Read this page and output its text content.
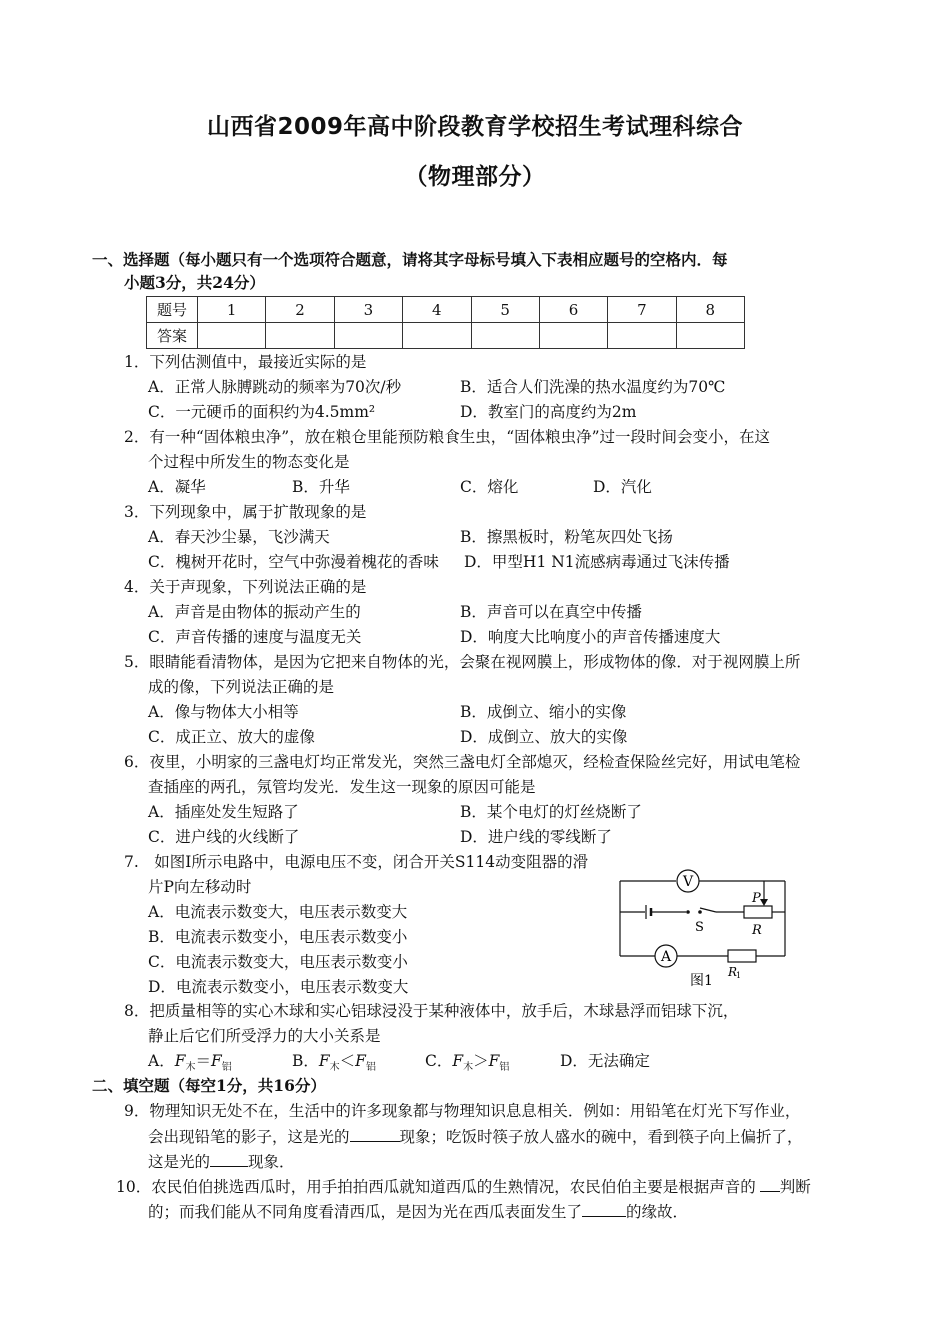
山西省2009年高中阶段教育学校招生考试理科综合
（物理部分）
一、选择题（每小题只有一个选项符合题意，请将其字母标号填入下表相应题号的空格内．每
小题3分，共24分）
题号	1	2	3	4	5	6	7	8
答案								
1．下列估测值中，最接近实际的是
A．正常人脉膊跳动的频率为70次/秒	B．适合人们洗澡的热水温度约为70℃
C．一元硬币的面积约为4.5mm²	D．教室门的高度约为2m
2．有一种“固体粮虫净”，放在粮仓里能预防粮食生虫，“固体粮虫净”过一段时间会变小，在这
个过程中所发生的物态变化是
A．凝华	B．升华	C．熔化	D．汽化
3．下列现象中，属于扩散现象的是
A．春天沙尘暴，飞沙满天	B．擦黑板时，粉笔灰四处飞扬
C．槐树开花时，空气中弥漫着槐花的香味 D．甲型H1 N1流感病毒通过飞沫传播
4．关于声现象，下列说法正确的是
A．声音是由物体的振动产生的	B．声音可以在真空中传播
C．声音传播的速度与温度无关	D．响度大比响度小的声音传播速度大
5．眼睛能看清物体，是因为它把来自物体的光，会聚在视网膜上，形成物体的像．对于视网膜上所
成的像，下列说法正确的是
A．像与物体大小相等	B．成倒立、缩小的实像
C．成正立、放大的虚像	D．成倒立、放大的实像
6．夜里，小明家的三盏电灯均正常发光，突然三盏电灯全部熄灭，经检查保险丝完好，用试电笔检
查插座的两孔，氖管均发光．发生这一现象的原因可能是
A．插座处发生短路了	B．某个电灯的灯丝烧断了
C．进户线的火线断了	D．进户线的零线断了
7.　如图I所示电路中，电源电压不变，闭合开关S114动变阻器的滑
片P向左移动时
A．电流表示数变大，电压表示数变大
B．电流表示数变小，电压表示数变小
C．电流表示数变大，电压表示数变小
D．电流表示数变小，电压表示数变大
V
A
P
S	R
R
1
图1
8．把质量相等的实心木球和实心铝球浸没于某种液体中，放手后，木球悬浮而铝球下沉，
静止后它们所受浮力的大小关系是
A．$F_木=F_铝$	B．$F_木<F_铝$	C．$F_木>F_铝$	D．无法确定
二、填空题（每空1分，共16分）
9．物理知识无处不在，生活中的许多现象都与物理知识息息相关．例如：用铅笔在灯光下写作业，
会出现铅笔的影子，这是光的	现象；吃饭时筷子放人盛水的碗中，看到筷子向上偏折了，
这是光的 现象．
10．农民伯伯挑选西瓜时，用手拍拍西瓜就知道西瓜的生熟情况，农民伯伯主要是根据声音的 判断
的；而我们能从不同角度看清西瓜，是因为光在西瓜表面发生了	的缘故．
